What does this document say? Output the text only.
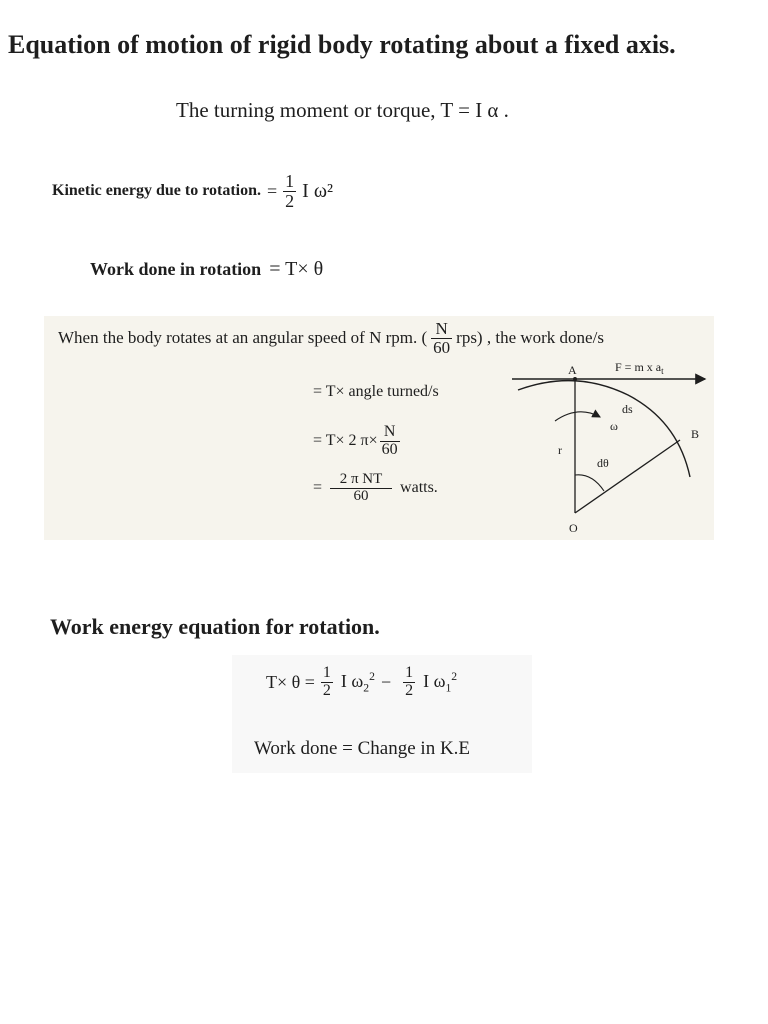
Equation of motion of rigid body rotating about a fixed axis.
The turning moment or torque, T = I α .
Kinetic energy due to rotation. = $\frac{1}{2}$ I ω²
Work done in rotation = T× θ
When the body rotates at an angular speed of N rpm. ( $\frac{N}{60} rps$) , the work done/s
= T× angle turned/s
= T× 2 $\pi\times \frac{N}{60}$
= $\frac{\text{2 π NT}}{60}$ watts.
A
B
O
F = m x $a_t$
ds
ω
r
dθ
Work energy equation for rotation.
$T\times \theta = \frac{1}{2}$ I $\omega_2^2 - \frac{1}{2}$ I $\omega_1^2$
Work done = Change in K.E
